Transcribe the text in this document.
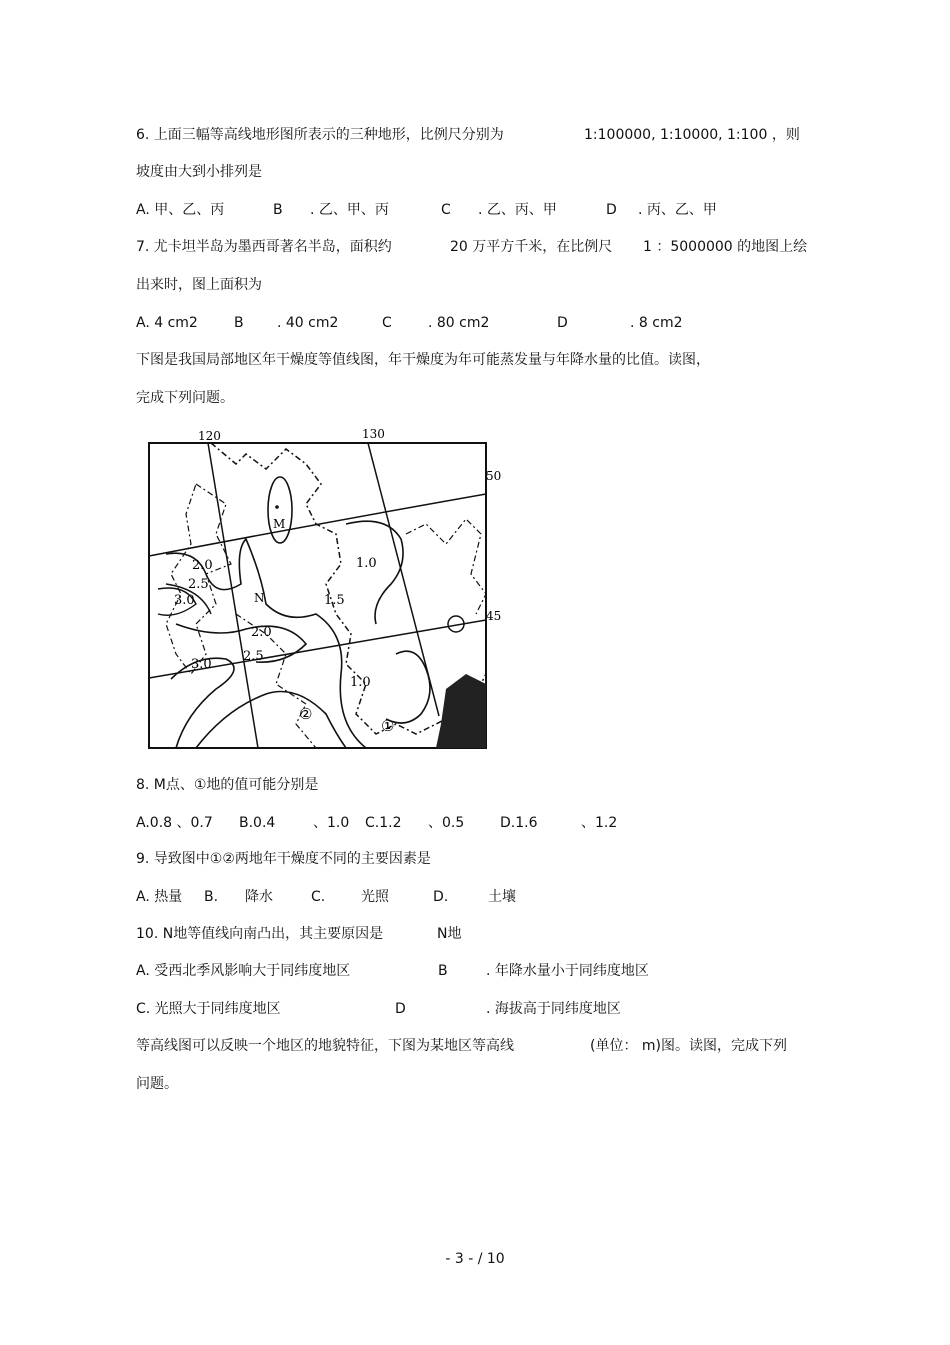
6. 上面三幅等高线地形图所表示的三种地形，比例尺分别为	1:100000, 1:10000, 1:100 ，则
坡度由大到小排列是
A. 甲、乙、丙	B . 乙、甲、丙	C . 乙、丙、甲	D . 丙、乙、甲
7. 尤卡坦半岛为墨西哥著名半岛，面积约	20 万平方千米，在比例尺 1 ：5000000 的地图上绘
出来时，图上面积为
A. 4 cm2	B . 40 cm2	C	. 80 cm2	D	. 8 cm2
下图是我国局部地区年干燥度等值线图，年干燥度为年可能蒸发量与年降水量的比值。读图，
完成下列问题。
120	130
50
45
2.0
2.5
3.0
1.0
1.5
2.0
2.5
3.0
1.0
M
N
①
②
8. M点、①地的值可能分别是
A.0.8 、0.7 B.0.4	、1.0 C.1.2 、0.5	D.1.6	、1.2
9. 导致图中①②两地年干燥度不同的主要因素是
A. 热量 B. 降水	C.	光照	D.	土壤
10. N地等值线向南凸出，其主要原因是	N地
A. 受西北季风影响大于同纬度地区	B	. 年降水量小于同纬度地区
C. 光照大于同纬度地区	D	. 海拔高于同纬度地区
等高线图可以反映一个地区的地貌特征，下图为某地区等高线	(单位： m)图。读图，完成下列
问题。
- 3 - / 10
